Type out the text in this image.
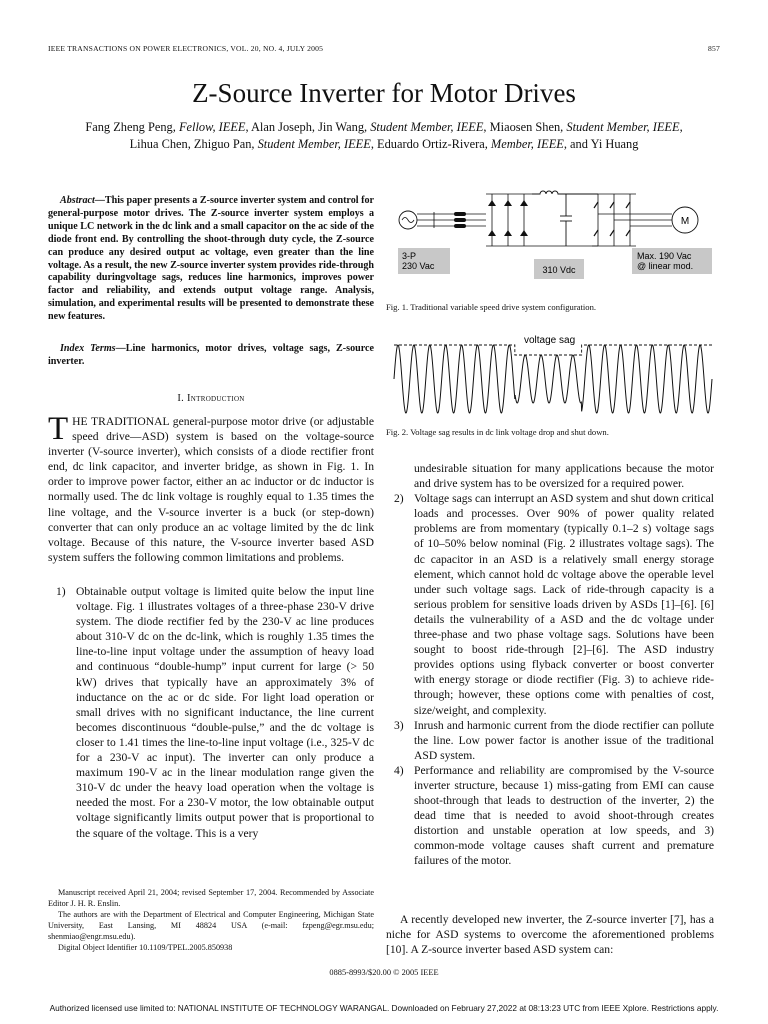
IEEE TRANSACTIONS ON POWER ELECTRONICS, VOL. 20, NO. 4, JULY 2005	857
Z-Source Inverter for Motor Drives
Fang Zheng Peng, Fellow, IEEE, Alan Joseph, Jin Wang, Student Member, IEEE, Miaosen Shen, Student Member, IEEE,
Lihua Chen, Zhiguo Pan, Student Member, IEEE, Eduardo Ortiz-Rivera, Member, IEEE, and Yi Huang
Abstract—This paper presents a Z-source inverter system and control for general-purpose motor drives. The Z-source inverter system employs a unique LC network in the dc link and a small capacitor on the ac side of the diode front end. By controlling the shoot-through duty cycle, the Z-source can produce any desired output ac voltage, even greater than the line voltage. As a result, the new Z-source inverter system provides ride-through capability duringvoltage sags, reduces line harmonics, improves power factor and reliability, and extends output voltage range. Analysis, simulation, and experimental results will be presented to demonstrate these new features.
Index Terms—Line harmonics, motor drives, voltage sags, Z-source inverter.
I. Introduction
THE TRADITIONAL general-purpose motor drive (or adjustable speed drive—ASD) system is based on the voltage-source inverter (V-source inverter), which consists of a diode rectifier front end, dc link capacitor, and inverter bridge, as shown in Fig. 1. In order to improve power factor, either an ac inductor or dc inductor is normally used. The dc link voltage is roughly equal to 1.35 times the line voltage, and the V-source inverter is a buck (or step-down) converter that can only produce an ac voltage limited by the dc link voltage. Because of this nature, the V-source inverter based ASD system suffers the following common limitations and problems.
1) Obtainable output voltage is limited quite below the input line voltage. Fig. 1 illustrates voltages of a three-phase 230-V drive system. The diode rectifier fed by the 230-V ac line produces about 310-V dc on the dc-link, which is roughly 1.35 times the line-to-line input voltage under the assumption of heavy load and continuous “double-hump” input current for large (> 50 kW) drives that typically have an approximately 3% of inductance on the ac or dc side. For light load operation or small drives with no significant inductance, the line current becomes discontinuous “double-pulse,” and the dc voltage is closer to 1.41 times the line-to-line input voltage (i.e., 325-V dc for a 230-V ac input). The inverter can only produce a maximum 190-V ac in the linear modulation range given the 310-V dc under the heavy load operation when the voltage is needed the most. For a 230-V motor, the low obtainable output voltage significantly limits output power that is proportional to the square of the voltage. This is a very

Manuscript received April 21, 2004; revised September 17, 2004. Recommended by Associate Editor J. H. R. Enslin.

The authors are with the Department of Electrical and Computer Engineering, Michigan State University, East Lansing, MI 48824 USA (e-mail: fzpeng@egr.msu.edu; shenmiao@engr.msu.edu).

Digital Object Identifier 10.1109/TPEL.2005.850938

M
3-P
230 Vac	310 Vdc
Max. 190 Vac
@ linear mod.
Fig. 1. Traditional variable speed drive system configuration.
voltage sag
Fig. 2. Voltage sag results in dc link voltage drop and shut down.
undesirable situation for many applications because the motor and drive system has to be oversized for a required power.
2) Voltage sags can interrupt an ASD system and shut down critical loads and processes. Over 90% of power quality related problems are from momentary (typically 0.1–2 s) voltage sags of 10–50% below nominal (Fig. 2 illustrates voltage sags). The dc capacitor in an ASD is a relatively small energy storage element, which cannot hold dc voltage above the operable level under such voltage sags. Lack of ride-through capacity is a serious problem for sensitive loads driven by ASDs [1]–[6]. [6] details the vulnerability of a ASD and the dc voltage under three-phase and two phase voltage sags. Solutions have been sought to boost ride-through [2]–[6]. The ASD industry provides options using flyback converter or boost converter with energy storage or diode rectifier (Fig. 3) to achieve ride-through; however, these options come with penalties of cost, size/weight, and complexity.
3) Inrush and harmonic current from the diode rectifier can pollute the line. Low power factor is another issue of the traditional ASD system.
4) Performance and reliability are compromised by the V-source inverter structure, because 1) miss-gating from EMI can cause shoot-through that leads to destruction of the inverter, 2) the dead time that is needed to avoid shoot-through creates distortion and unstable operation at low speeds, and 3) common-mode voltage causes shaft current and premature failures of the motor.
A recently developed new inverter, the Z-source inverter [7], has a niche for ASD systems to overcome the aforementioned problems [10]. A Z-source inverter based ASD system can:
0885-8993/$20.00 © 2005 IEEE
Authorized licensed use limited to: NATIONAL INSTITUTE OF TECHNOLOGY WARANGAL. Downloaded on February 27,2022 at 08:13:23 UTC from IEEE Xplore. Restrictions apply.
